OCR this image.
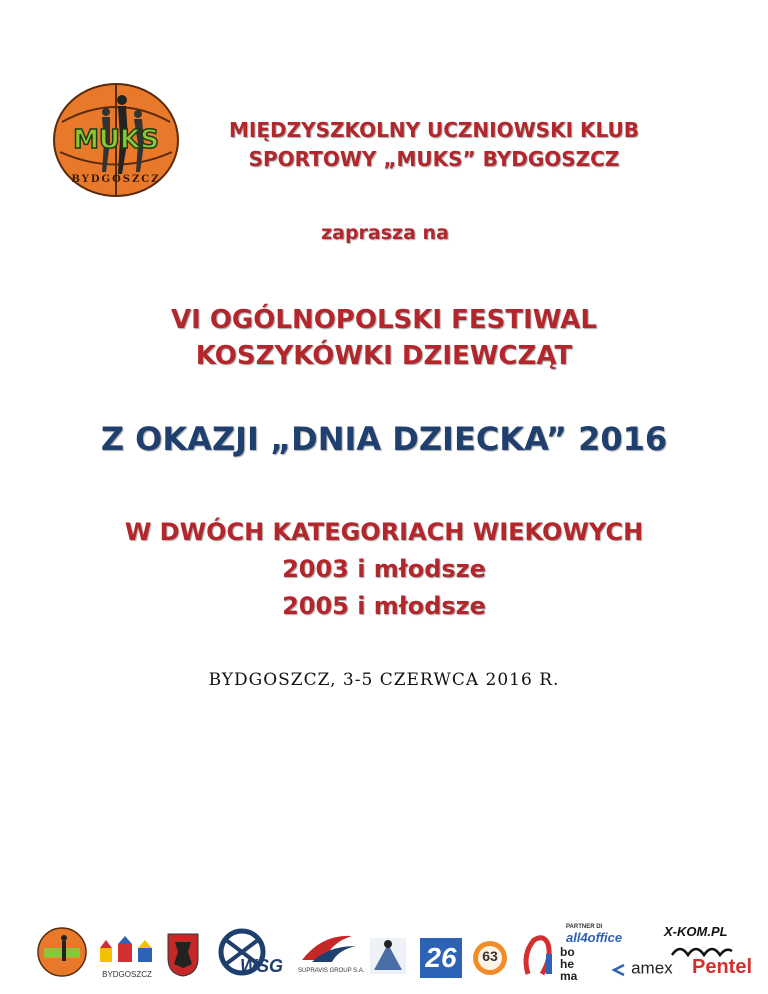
MUKS
BYDGOSZCZ
MIĘDZYSZKOLNY UCZNIOWSKI KLUB
SPORTOWY „MUKS” BYDGOSZCZ
zaprasza na
VI OGÓLNOPOLSKI FESTIWAL
KOSZYKÓWKI DZIEWCZĄT
Z OKAZJI „DNIA DZIECKA” 2016
W DWÓCH KATEGORIACH WIEKOWYCH
2003 i młodsze
2005 i młodsze
BYDGOSZCZ, 3-5 CZERWCA 2016 R.
BYDGOSZCZ	WSG	SUPRAVIS GROUP S.A. 26	63	bo
he
ma
PARTNER DI
all4office	X-KOM.PL
amex Pentel
